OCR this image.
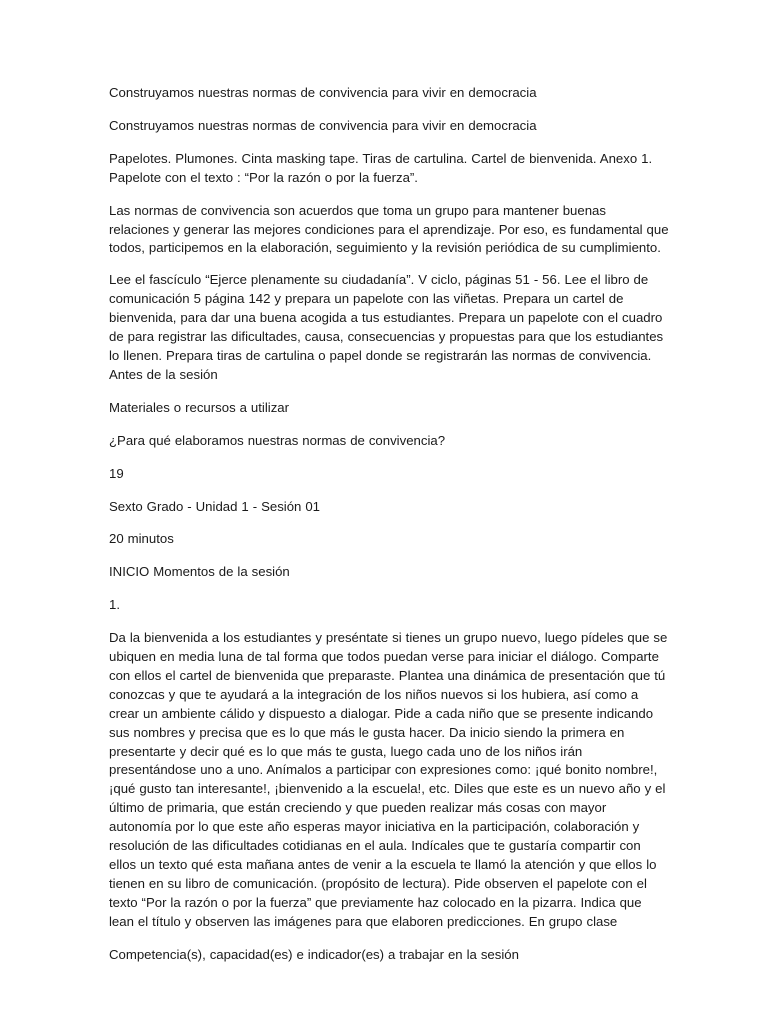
Construyamos nuestras normas de convivencia para vivir en democracia

Construyamos nuestras normas de convivencia para vivir en democracia

Papelotes. Plumones. Cinta masking tape. Tiras de cartulina. Cartel de bienvenida. Anexo 1. Papelote con el texto : “Por la razón o por la fuerza”.

Las normas de convivencia son acuerdos que toma un grupo para mantener buenas relaciones y generar las mejores condiciones para el aprendizaje. Por eso, es fundamental que todos, participemos en la elaboración, seguimiento y la revisión periódica de su cumplimiento.

Lee el fascículo “Ejerce plenamente su ciudadanía”. V ciclo, páginas 51 - 56. Lee el libro de comunicación 5 página 142 y prepara un papelote con las viñetas. Prepara un cartel de bienvenida, para dar una buena acogida a tus estudiantes. Prepara un papelote con el cuadro de para registrar las dificultades, causa, consecuencias y propuestas para que los estudiantes lo llenen. Prepara tiras de cartulina o papel donde se registrarán las normas de convivencia. Antes de la sesión

Materiales o recursos a utilizar

¿Para qué elaboramos nuestras normas de convivencia?

19

Sexto Grado - Unidad 1 - Sesión 01

20 minutos

INICIO Momentos de la sesión

1.

Da la bienvenida a los estudiantes y preséntate si tienes un grupo nuevo, luego pídeles que se ubiquen en media luna de tal forma que todos puedan verse para iniciar el diálogo. Comparte con ellos el cartel de bienvenida que preparaste. Plantea una dinámica de presentación que tú conozcas y que te ayudará a la integración de los niños nuevos si los hubiera, así como a crear un ambiente cálido y dispuesto a dialogar. Pide a cada niño que se presente indicando sus nombres y precisa que es lo que más le gusta hacer. Da inicio siendo la primera en presentarte y decir qué es lo que más te gusta, luego cada uno de los niños irán presentándose uno a uno. Anímalos a participar con expresiones como: ¡qué bonito nombre!, ¡qué gusto tan interesante!, ¡bienvenido a la escuela!, etc. Diles que este es un nuevo año y el último de primaria, que están creciendo y que pueden realizar más cosas con mayor autonomía por lo que este año esperas mayor iniciativa en la participación, colaboración y resolución de las dificultades cotidianas en el aula. Indícales que te gustaría compartir con ellos un texto qué esta mañana antes de venir a la escuela te llamó la atención y que ellos lo tienen en su libro de comunicación. (propósito de lectura). Pide observen el papelote con el texto “Por la razón o por la fuerza” que previamente haz colocado en la pizarra. Indica que lean el título y observen las imágenes para que elaboren predicciones. En grupo clase

Competencia(s), capacidad(es) e indicador(es) a trabajar en la sesión
